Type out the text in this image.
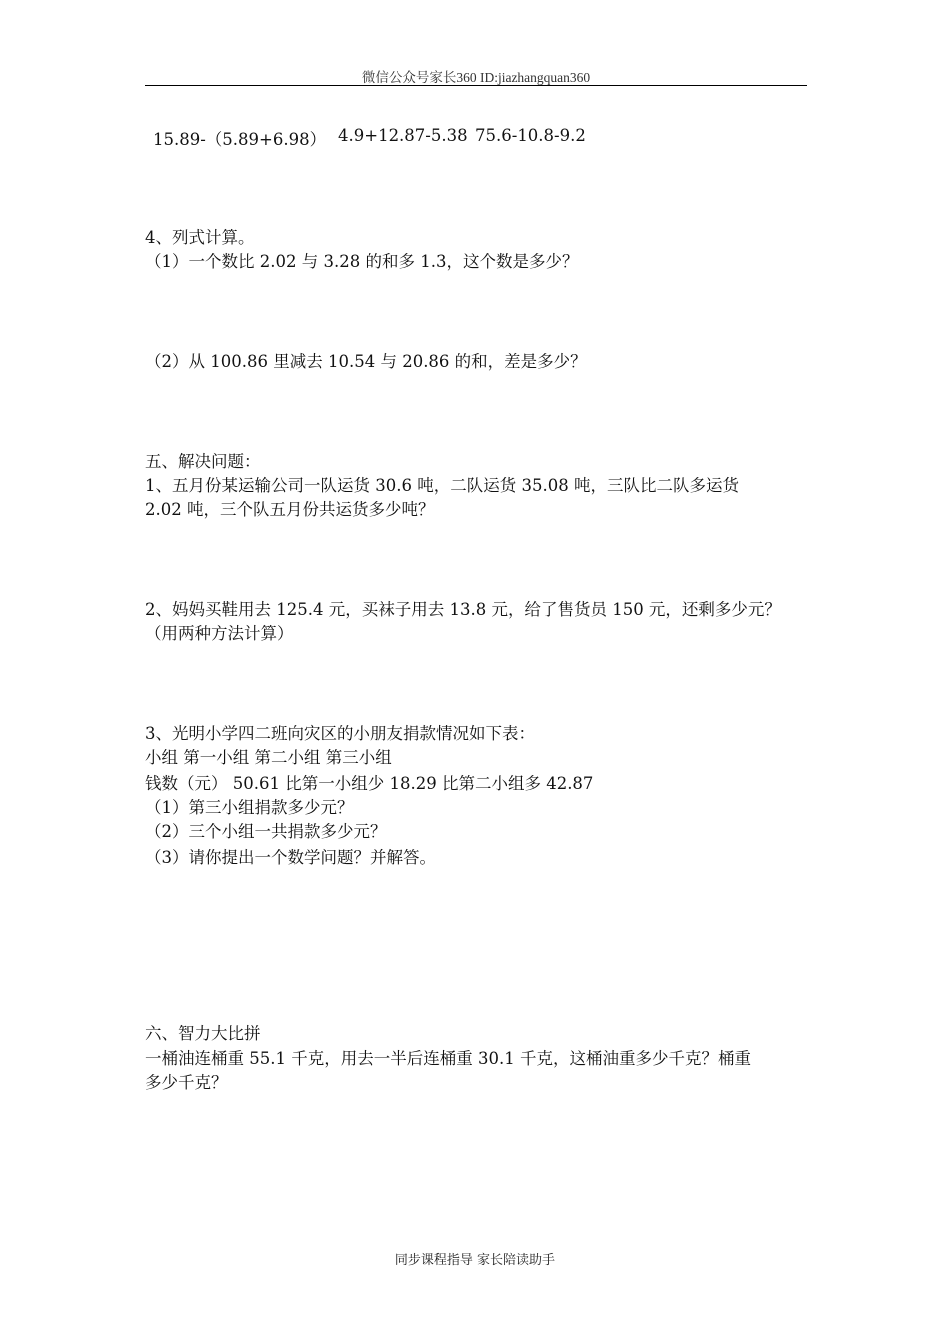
微信公众号家长360 ID:jiazhangquan360
15.89-（5.89+6.98） 4.9+12.87-5.38 75.6-10.8-9.2
4、列式计算。
（1）一个数比 2.02 与 3.28 的和多 1.3，这个数是多少？
（2）从 100.86 里减去 10.54 与 20.86 的和，差是多少？
五、解决问题：
1、五月份某运输公司一队运货 30.6 吨，二队运货 35.08 吨，三队比二队多运货
2.02 吨，三个队五月份共运货多少吨？
2、妈妈买鞋用去 125.4 元，买袜子用去 13.8 元，给了售货员 150 元，还剩多少元？
（用两种方法计算）
3、光明小学四二班向灾区的小朋友捐款情况如下表：
小组 第一小组 第二小组 第三小组
钱数（元） 50.61 比第一小组少 18.29 比第二小组多 42.87
（1）第三小组捐款多少元？
（2）三个小组一共捐款多少元？
（3）请你提出一个数学问题？并解答。
六、智力大比拼
一桶油连桶重 55.1 千克，用去一半后连桶重 30.1 千克，这桶油重多少千克？桶重
多少千克？
同步课程指导 家长陪读助手
